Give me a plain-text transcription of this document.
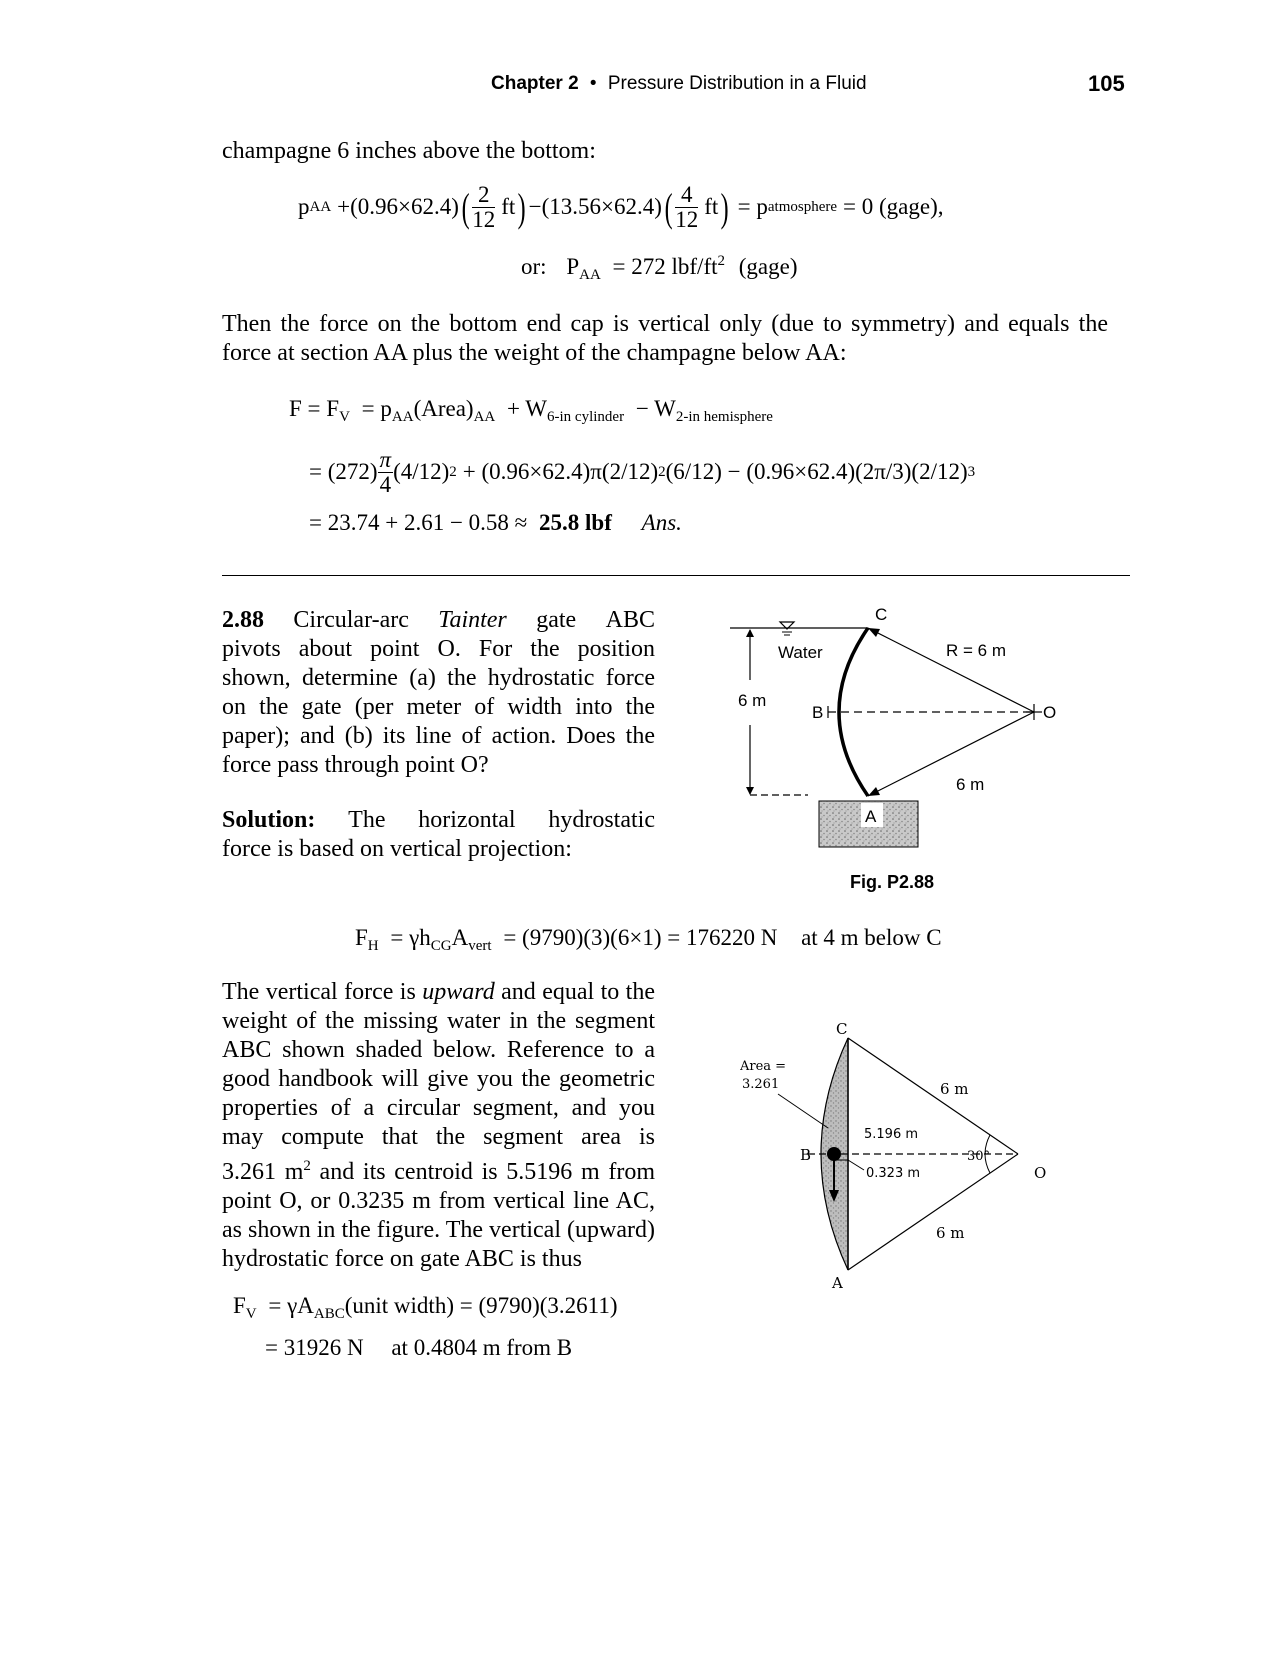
Chapter 2 • Pressure Distribution in a Fluid	105
champagne 6 inches above the bottom:
p AA +(0.96×62.4) ( $\frac{2}{12}$ ft ) −(13.56×62.4) ( $\frac{4}{12}$ ft ) = p atmosphere = 0 (gage),
or: $P_{AA} = 272$ lbf/$ft^2$ (gage)
Then the force on the bottom end cap is vertical only (due to symmetry) and equals the force at section AA plus the weight of the champagne below AA:
$F = F_V$ = $p_{AA}(Area)_{AA} + W_{6-in cylinder} - W_{2-in hemisphere}$
= $(272) \frac{\pi}{4} (4/12) 2 + (0.96\times 62.4)\pi(2/12)$ 2 (6/12) − (0.96×62.4)(2π/3)(2/12) 3
= 23.74 + 2.61 − 0.58 ≈ 25.8 lbf Ans.
2.88 Circular-arc Tainter gate ABC
pivots about point O. For the position
shown, determine (a) the hydrostatic force
on the gate (per meter of width into the
paper); and (b) its line of action. Does the
force pass through point O?
Solution: The horizontal hydrostatic
force is based on vertical projection:
6 m
Water
O
C
B
R = 6 m
6 m
A
Fig. P2.88
$F_H = \gamma h_{CG}A_{vert} = (9790)(3)(6\times 1) = 176220$ N at 4 m below C
The vertical force is upward and equal to the
weight of the missing water in the segment
ABC shown shaded below. Reference to a
good handbook will give you the geometric
properties of a circular segment, and you
may compute that the segment area is
3.261 $m^2$ and its centroid is 5.5196 m from
point O, or 0.3235 m from vertical line AC,
as shown in the figure. The vertical (upward)
hydrostatic force on gate ABC is thus
30°
0.323 m
5.196 m
Area =
3.261
C
B
A
O
6 m
6 m
$F_V$ = $\gamma A_{ABC}(unit$ width) = (9790)(3.2611)
= 31926 N at 0.4804 m from B
